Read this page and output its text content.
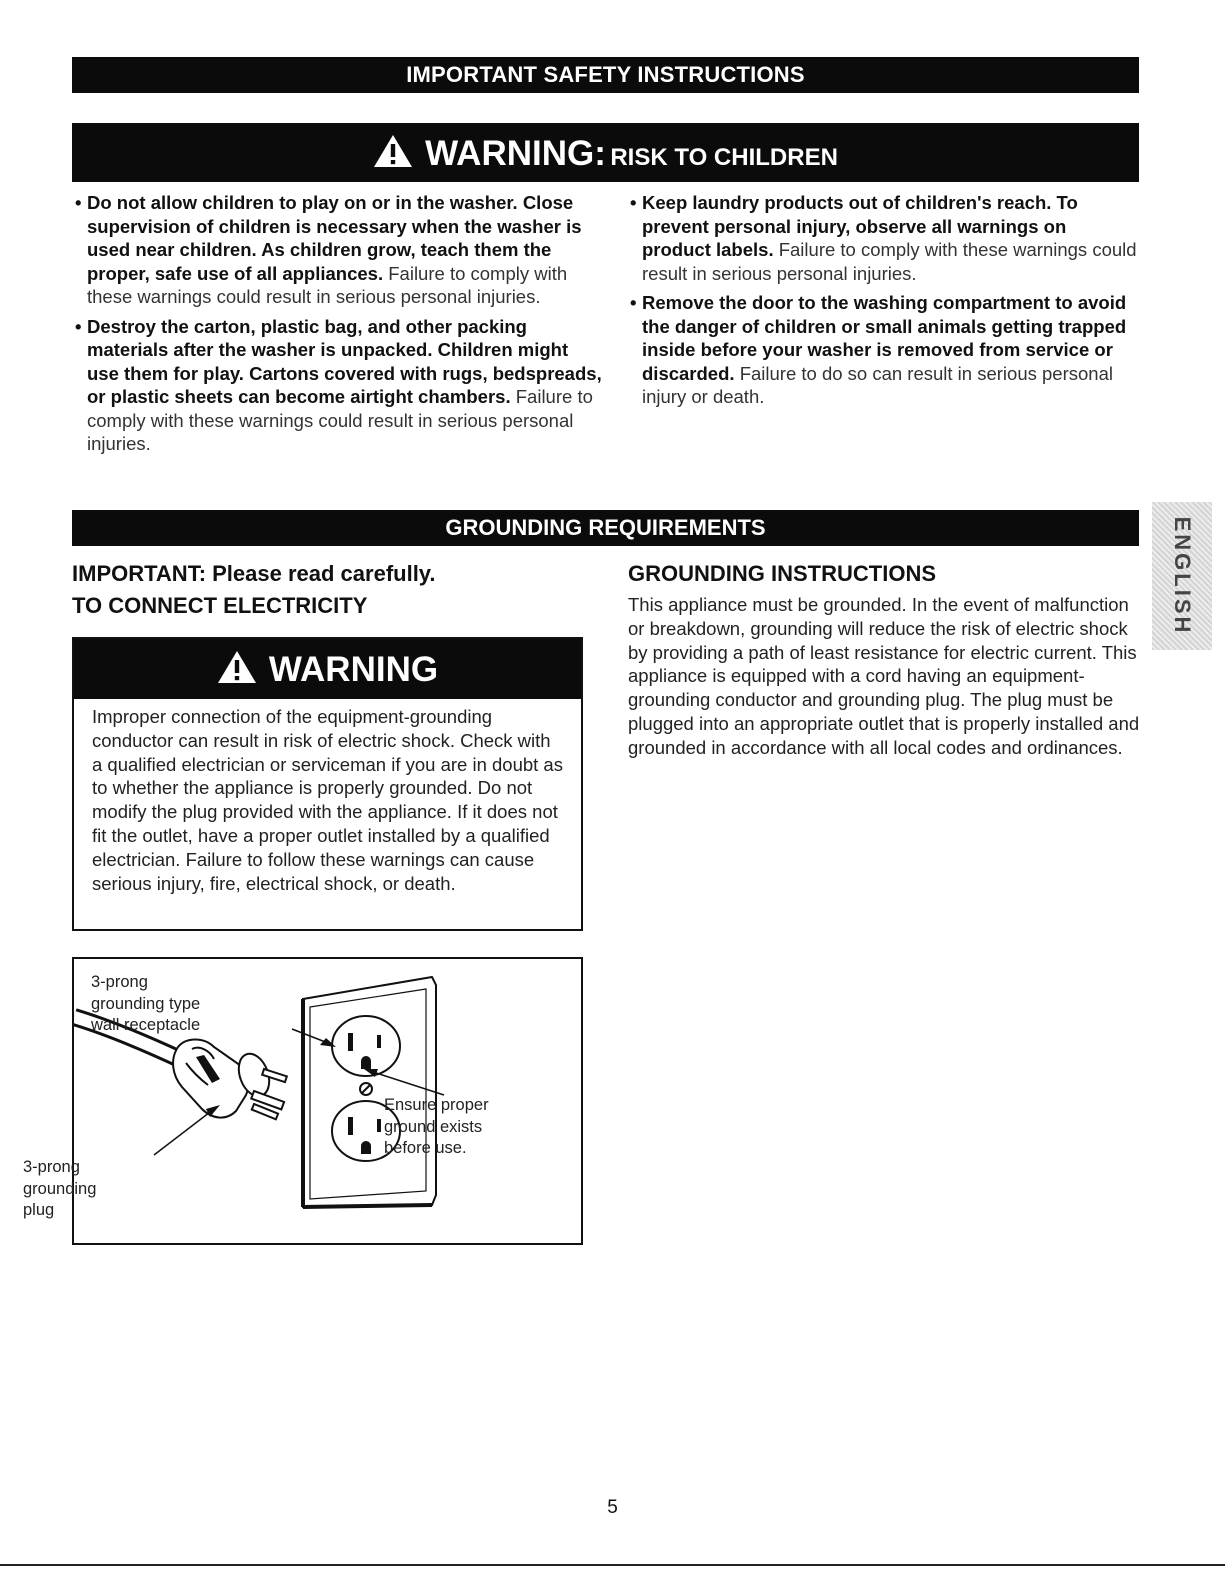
IMPORTANT SAFETY INSTRUCTIONS
WARNING: RISK TO CHILDREN
• Do not allow children to play on or in the washer. Close supervision of children is necessary when the washer is used near children. As children grow, teach them the proper, safe use of all appliances. Failure to comply with these warnings could result in serious personal injuries.
• Destroy the carton, plastic bag, and other packing materials after the washer is unpacked. Children might use them for play. Cartons covered with rugs, bedspreads, or plastic sheets can become airtight chambers. Failure to comply with these warnings could result in serious personal injuries.
• Keep laundry products out of children's reach. To prevent personal injury, observe all warnings on product labels. Failure to comply with these warnings could result in serious personal injuries.
• Remove the door to the washing compartment to avoid the danger of children or small animals getting trapped inside before your washer is removed from service or discarded. Failure to do so can result in serious personal injury or death.
GROUNDING REQUIREMENTS	ENGLISH
IMPORTANT: Please read carefully.
TO CONNECT ELECTRICITY
GROUNDING INSTRUCTIONS
This appliance must be grounded. In the event of malfunction or breakdown, grounding will reduce the risk of electric shock by providing a path of least resistance for electric current. This appliance is equipped with a cord having an equipment-grounding conductor and grounding plug. The plug must be plugged into an appropriate outlet that is properly installed and grounded in accordance with all local codes and ordinances.
WARNING
Improper connection of the equipment-grounding conductor can result in risk of electric shock. Check with a qualified electrician or serviceman if you are in doubt as to whether the appliance is properly grounded. Do not modify the plug provided with the appliance. If it does not fit the outlet, have a proper outlet installed by a qualified electrician. Failure to follow these warnings can cause serious injury, fire, electrical shock, or death.
3-prong
grounding type
wall receptacle
3-prong
grounding
plug
Ensure proper
ground exists
before use.
5
